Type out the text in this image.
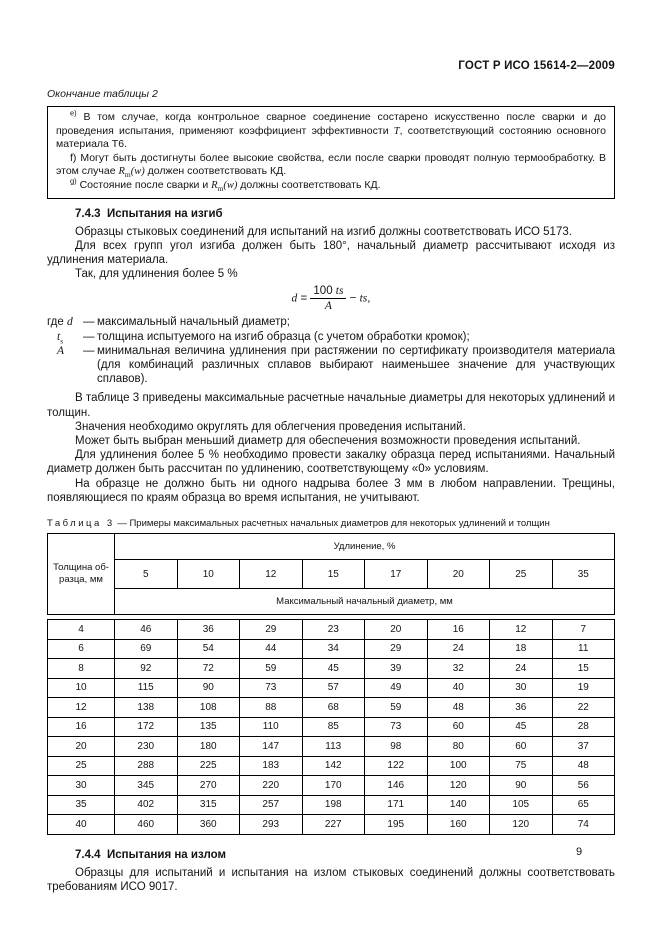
ГОСТ Р ИСО 15614-2—2009
Окончание таблицы 2

$^{e)}$ В том случае, когда контрольное сварное соединение состарено искусственно после сварки и до проведения испытания, применяют коэффициент эффективности T, соответствующий состоянию основного материала Т6.

f) Могут быть достигнуты более высокие свойства, если после сварки проводят полную термообработку. В этом случае $R_m(w)$ должен соответствовать КД.

$^{g)}$ Состояние после сварки и $R_m(w)$ должны соответствовать КД.

7.4.3 Испытания на изгиб

Образцы стыковых соединений для испытаний на изгиб должны соответствовать ИСО 5173.

Для всех групп угол изгиба должен быть 180°, начальный диаметр рассчитывают исходя из удлинения материала.

Так, для удлинения более 5 %

$d = \frac{100 ts}{A}$ − ts,
где d — максимальный начальный диаметр;
$t_s$	— толщина испытуемого на изгиб образца (с учетом обработки кромок);
А	— минимальная величина удлинения при растяжении по сертификату производителя материала (для комбинаций различных сплавов выбирают наименьшее значение для участвующих сплавов).

В таблице 3 приведены максимальные расчетные начальные диаметры для некоторых удлинений и толщин.

Значения необходимо округлять для облегчения проведения испытаний.

Может быть выбран меньший диаметр для обеспечения возможности проведения испытаний.

Для удлинения более 5 % необходимо провести закалку образца перед испытаниями. Начальный диаметр должен быть рассчитан по удлинению, соответствующему «0» условиям.

На образце не должно быть ни одного надрыва более 3 мм в любом направлении. Трещины, появляющиеся по краям образца во время испытания, не учитывают.

Таблица 3 — Примеры максимальных расчетных начальных диаметров для некоторых удлинений и толщин
Толщина образца, мм	Удлинение, %							
	5	10	12	15	17	20	25	35
	Максимальный начальный диаметр, мм							
4	46	36	29	23	20	16	12	7
6	69	54	44	34	29	24	18	11
8	92	72	59	45	39	32	24	15
10	115	90	73	57	49	40	30	19
12	138	108	88	68	59	48	36	22
16	172	135	110	85	73	60	45	28
20	230	180	147	113	98	80	60	37
25	288	225	183	142	122	100	75	48
30	345	270	220	170	146	120	90	56
35	402	315	257	198	171	140	105	65
40	460	360	293	227	195	160	120	74
7.4.4 Испытания на излом

Образцы для испытаний и испытания на излом стыковых соединений должны соответствовать требованиям ИСО 9017.

9
